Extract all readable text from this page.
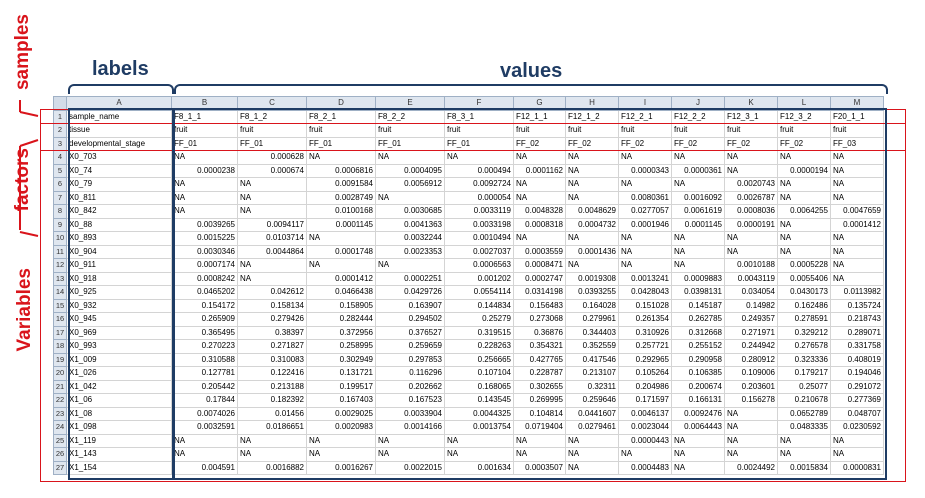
labels	values
samples
factors
Variables
	A	B	C	D	E	F	G	H	I	J	K	L	M
1	sample_name	F8_1_1	F8_1_2	F8_2_1	F8_2_2	F8_3_1	F12_1_1	F12_1_2	F12_2_1	F12_2_2	F12_3_1	F12_3_2	F20_1_1
2	tissue	fruit	fruit	fruit	fruit	fruit	fruit	fruit	fruit	fruit	fruit	fruit	fruit
3	developmental_stage	FF_01	FF_01	FF_01	FF_01	FF_01	FF_02	FF_02	FF_02	FF_02	FF_02	FF_02	FF_03
4	X0_703	NA	0.000628	NA	NA	NA	NA	NA	NA	NA	NA	NA	NA
5	X0_74	0.0000238	0.000674	0.0006816	0.0004095	0.000494	0.0001162	NA	0.0000343	0.0000361	NA	0.0000194	NA
6	X0_79	NA	NA	0.0091584	0.0056912	0.0092724	NA	NA	NA	NA	0.0020743	NA	NA
7	X0_811	NA	NA	0.0028749	NA	0.000054	NA	NA	0.0080361	0.0016092	0.0026787	NA	NA
8	X0_842	NA	NA	0.0100168	0.0030685	0.0033119	0.0048328	0.0048629	0.0277057	0.0061619	0.0008036	0.0064255	0.0047659
9	X0_88	0.0039265	0.0094117	0.0001145	0.0041363	0.0033198	0.0008318	0.0004732	0.0001946	0.0001145	0.0000191	NA	0.0001412
10	X0_893	0.0015225	0.0103714	NA	0.0032244	0.0010494	NA	NA	NA	NA	NA	NA	NA
11	X0_904	0.0030346	0.0044864	0.0001748	0.0023353	0.0027037	0.0003559	0.0001436	NA	NA	NA	NA	NA
12	X0_911	0.0007174	NA	NA	NA	0.0006563	0.0008471	NA	NA	NA	0.0010188	0.0005228	NA
13	X0_918	0.0008242	NA	0.0001412	0.0002251	0.001202	0.0002747	0.0019308	0.0013241	0.0009883	0.0043119	0.0055406	NA
14	X0_925	0.0465202	0.042612	0.0466438	0.0429726	0.0554114	0.0314198	0.0393255	0.0428043	0.0398131	0.034054	0.0430173	0.0113982
15	X0_932	0.154172	0.158134	0.158905	0.163907	0.144834	0.156483	0.164028	0.151028	0.145187	0.14982	0.162486	0.135724
16	X0_945	0.265909	0.279426	0.282444	0.294502	0.25279	0.273068	0.279961	0.261354	0.262785	0.249357	0.278591	0.218743
17	X0_969	0.365495	0.38397	0.372956	0.376527	0.319515	0.36876	0.344403	0.310926	0.312668	0.271971	0.329212	0.289071
18	X0_993	0.270223	0.271827	0.258995	0.259659	0.228263	0.354321	0.352559	0.257721	0.255152	0.244942	0.276578	0.331758
19	X1_009	0.310588	0.310083	0.302949	0.297853	0.256665	0.427765	0.417546	0.292965	0.290958	0.280912	0.323336	0.408019
20	X1_026	0.127781	0.122416	0.131721	0.116296	0.107104	0.228787	0.213107	0.105264	0.106385	0.109006	0.179217	0.194046
21	X1_042	0.205442	0.213188	0.199517	0.202662	0.168065	0.302655	0.32311	0.204986	0.200674	0.203601	0.25077	0.291072
22	X1_06	0.17844	0.182392	0.167403	0.167523	0.143545	0.269995	0.259646	0.171597	0.166131	0.156278	0.210678	0.277369
23	X1_08	0.0074026	0.01456	0.0029025	0.0033904	0.0044325	0.104814	0.0441607	0.0046137	0.0092476	NA	0.0652789	0.048707
24	X1_098	0.0032591	0.0186651	0.0020983	0.0014166	0.0013754	0.0719404	0.0279461	0.0023044	0.0064443	NA	0.0483335	0.0230592
25	X1_119	NA	NA	NA	NA	NA	NA	NA	0.0000443	NA	NA	NA	NA
26	X1_143	NA	NA	NA	NA	NA	NA	NA	NA	NA	NA	NA	NA
27	X1_154	0.004591	0.0016882	0.0016267	0.0022015	0.001634	0.0003507	NA	0.0004483	NA	0.0024492	0.0015834	0.0000831
